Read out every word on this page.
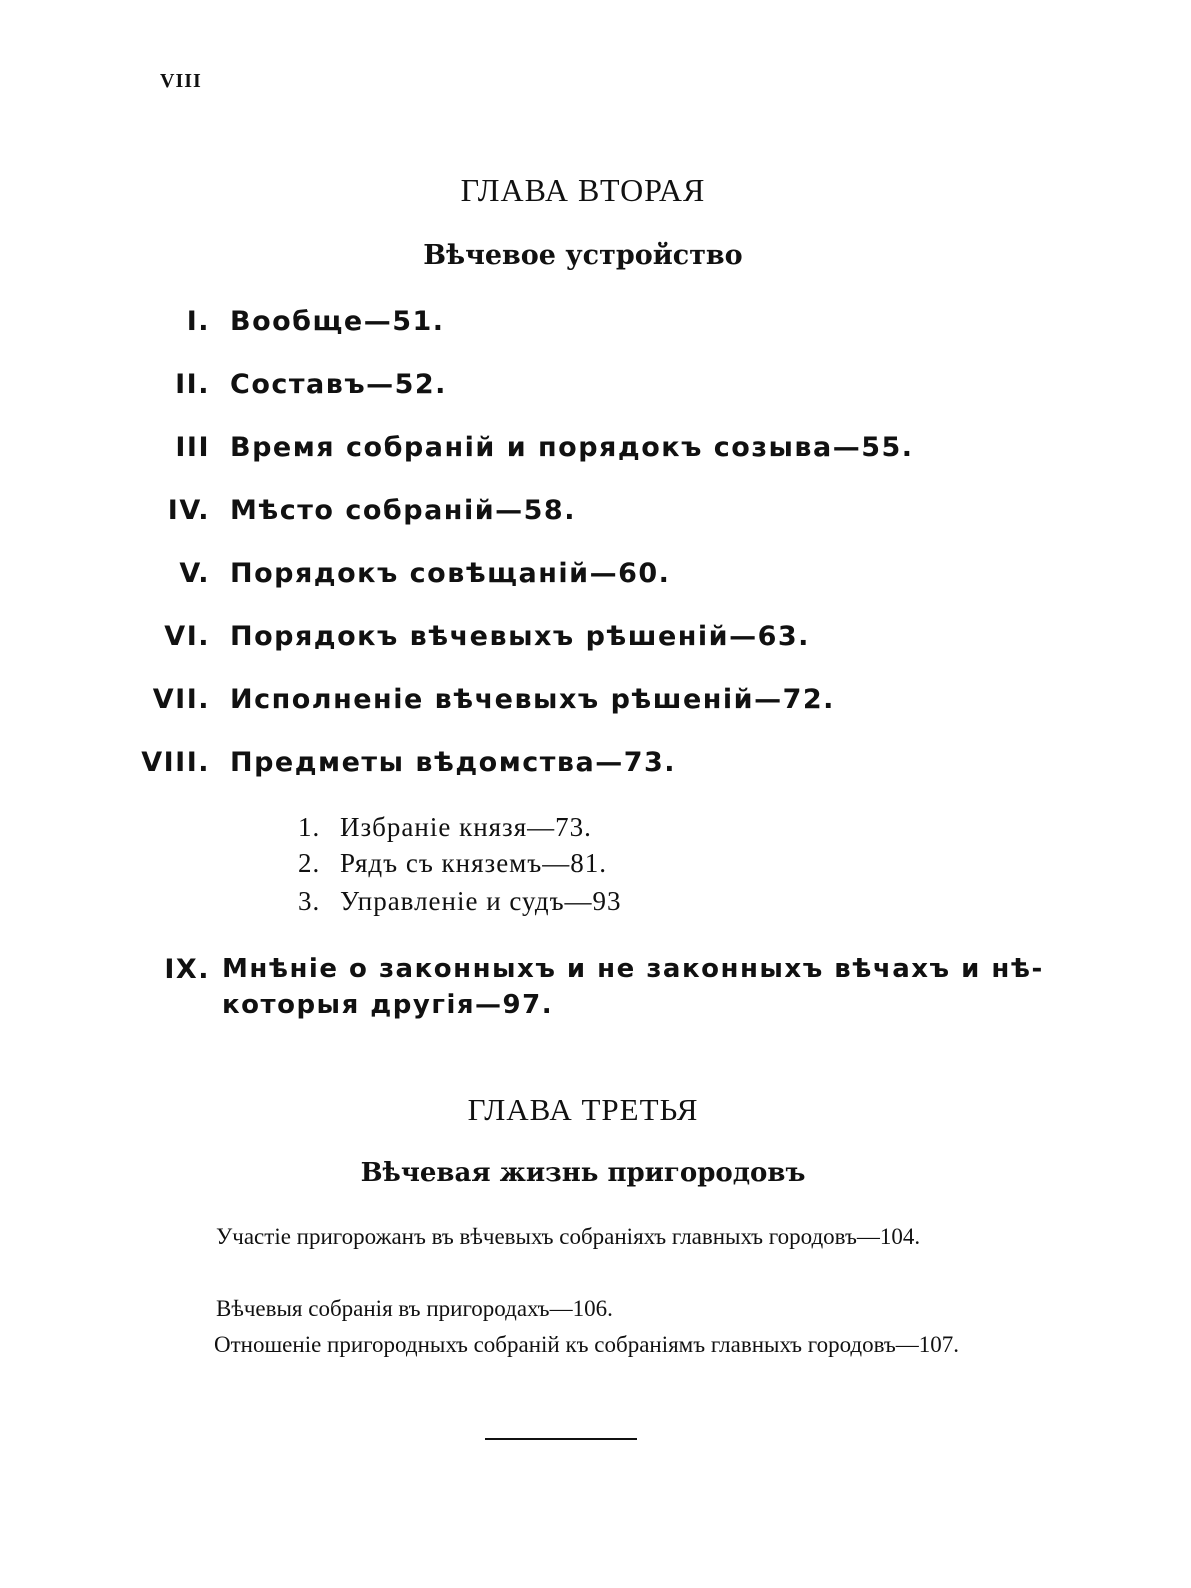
VIII
ГЛАВА ВТОРАЯ
Вѣчевое устройство
I. Вообще—51.
II. Составъ—52.
III Время собраній и порядокъ созыва—55.
IV. Мѣсто собраній—58.
V. Порядокъ совѣщаній—60.
VI. Порядокъ вѣчевыхъ рѣшеній—63.
VII. Исполненіе вѣчевыхъ рѣшеній—72.
VIII. Предметы вѣдомства—73.
1. Избраніе князя—73.
2. Рядъ съ княземъ—81.
3. Управленіе и судъ—93
IX. Мнѣніе о законныхъ и не законныхъ вѣчахъ и нѣ-
которыя другія—97.
ГЛАВА ТРЕТЬЯ
Вѣчевая жизнь пригородовъ
Участіе пригорожанъ въ вѣчевыхъ собраніяхъ главныхъ городовъ—104.
Вѣчевыя собранія въ пригородахъ—106.
Отношеніе пригородныхъ собраній къ собраніямъ главныхъ городовъ—107.
